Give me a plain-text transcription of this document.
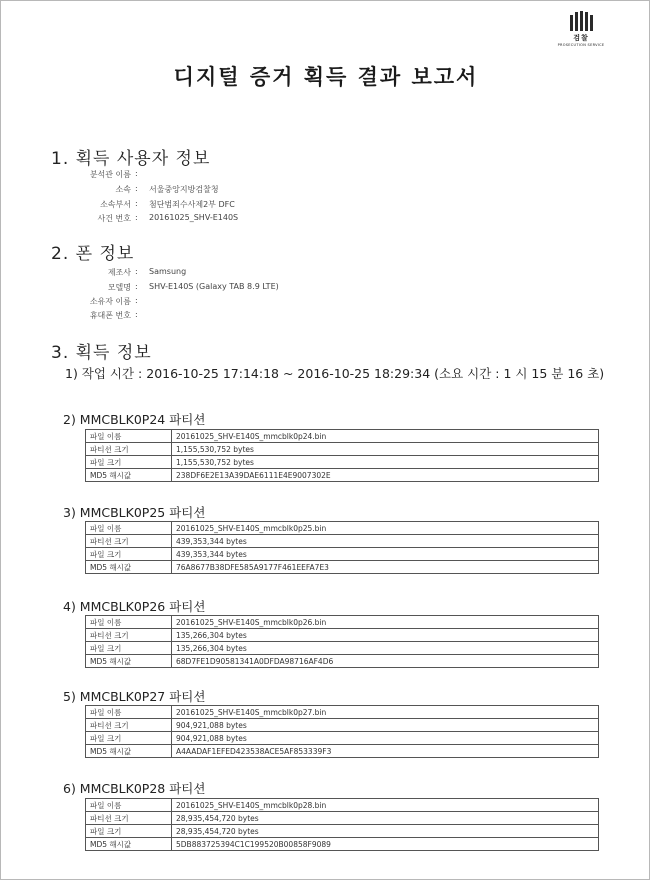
검찰
PROSECUTION SERVICE
디지털 증거 획득 결과 보고서
1. 획득 사용자 정보
분석관 이름 :
소속 : 서울중앙지방검찰청
소속부서 : 첨단범죄수사제2부 DFC
사건 번호 : 20161025_SHV-E140S
2. 폰 정보
제조사 : Samsung
모델명 : SHV-E140S (Galaxy TAB 8.9 LTE)
소유자 이름 :
휴대폰 번호 :
3. 획득 정보
1) 작업 시간 : 2016-10-25 17:14:18 ~ 2016-10-25 18:29:34 (소요 시간 : 1 시 15 분 16 초)
2) MMCBLK0P24 파티션
파일 이름	20161025_SHV-E140S_mmcblk0p24.bin
파티션 크기	1,155,530,752 bytes
파일 크기	1,155,530,752 bytes
MD5 해시값	238DF6E2E13A39DAE6111E4E9007302E
3) MMCBLK0P25 파티션
파일 이름	20161025_SHV-E140S_mmcblk0p25.bin
파티션 크기	439,353,344 bytes
파일 크기	439,353,344 bytes
MD5 해시값	76A8677B38DFE585A9177F461EEFA7E3
4) MMCBLK0P26 파티션
파일 이름	20161025_SHV-E140S_mmcblk0p26.bin
파티션 크기	135,266,304 bytes
파일 크기	135,266,304 bytes
MD5 해시값	68D7FE1D90581341A0DFDA98716AF4D6
5) MMCBLK0P27 파티션
파일 이름	20161025_SHV-E140S_mmcblk0p27.bin
파티션 크기	904,921,088 bytes
파일 크기	904,921,088 bytes
MD5 해시값	A4AADAF1EFED423538ACE5AF853339F3
6) MMCBLK0P28 파티션
파일 이름	20161025_SHV-E140S_mmcblk0p28.bin
파티션 크기	28,935,454,720 bytes
파일 크기	28,935,454,720 bytes
MD5 해시값	5DB883725394C1C199520B00858F9089
